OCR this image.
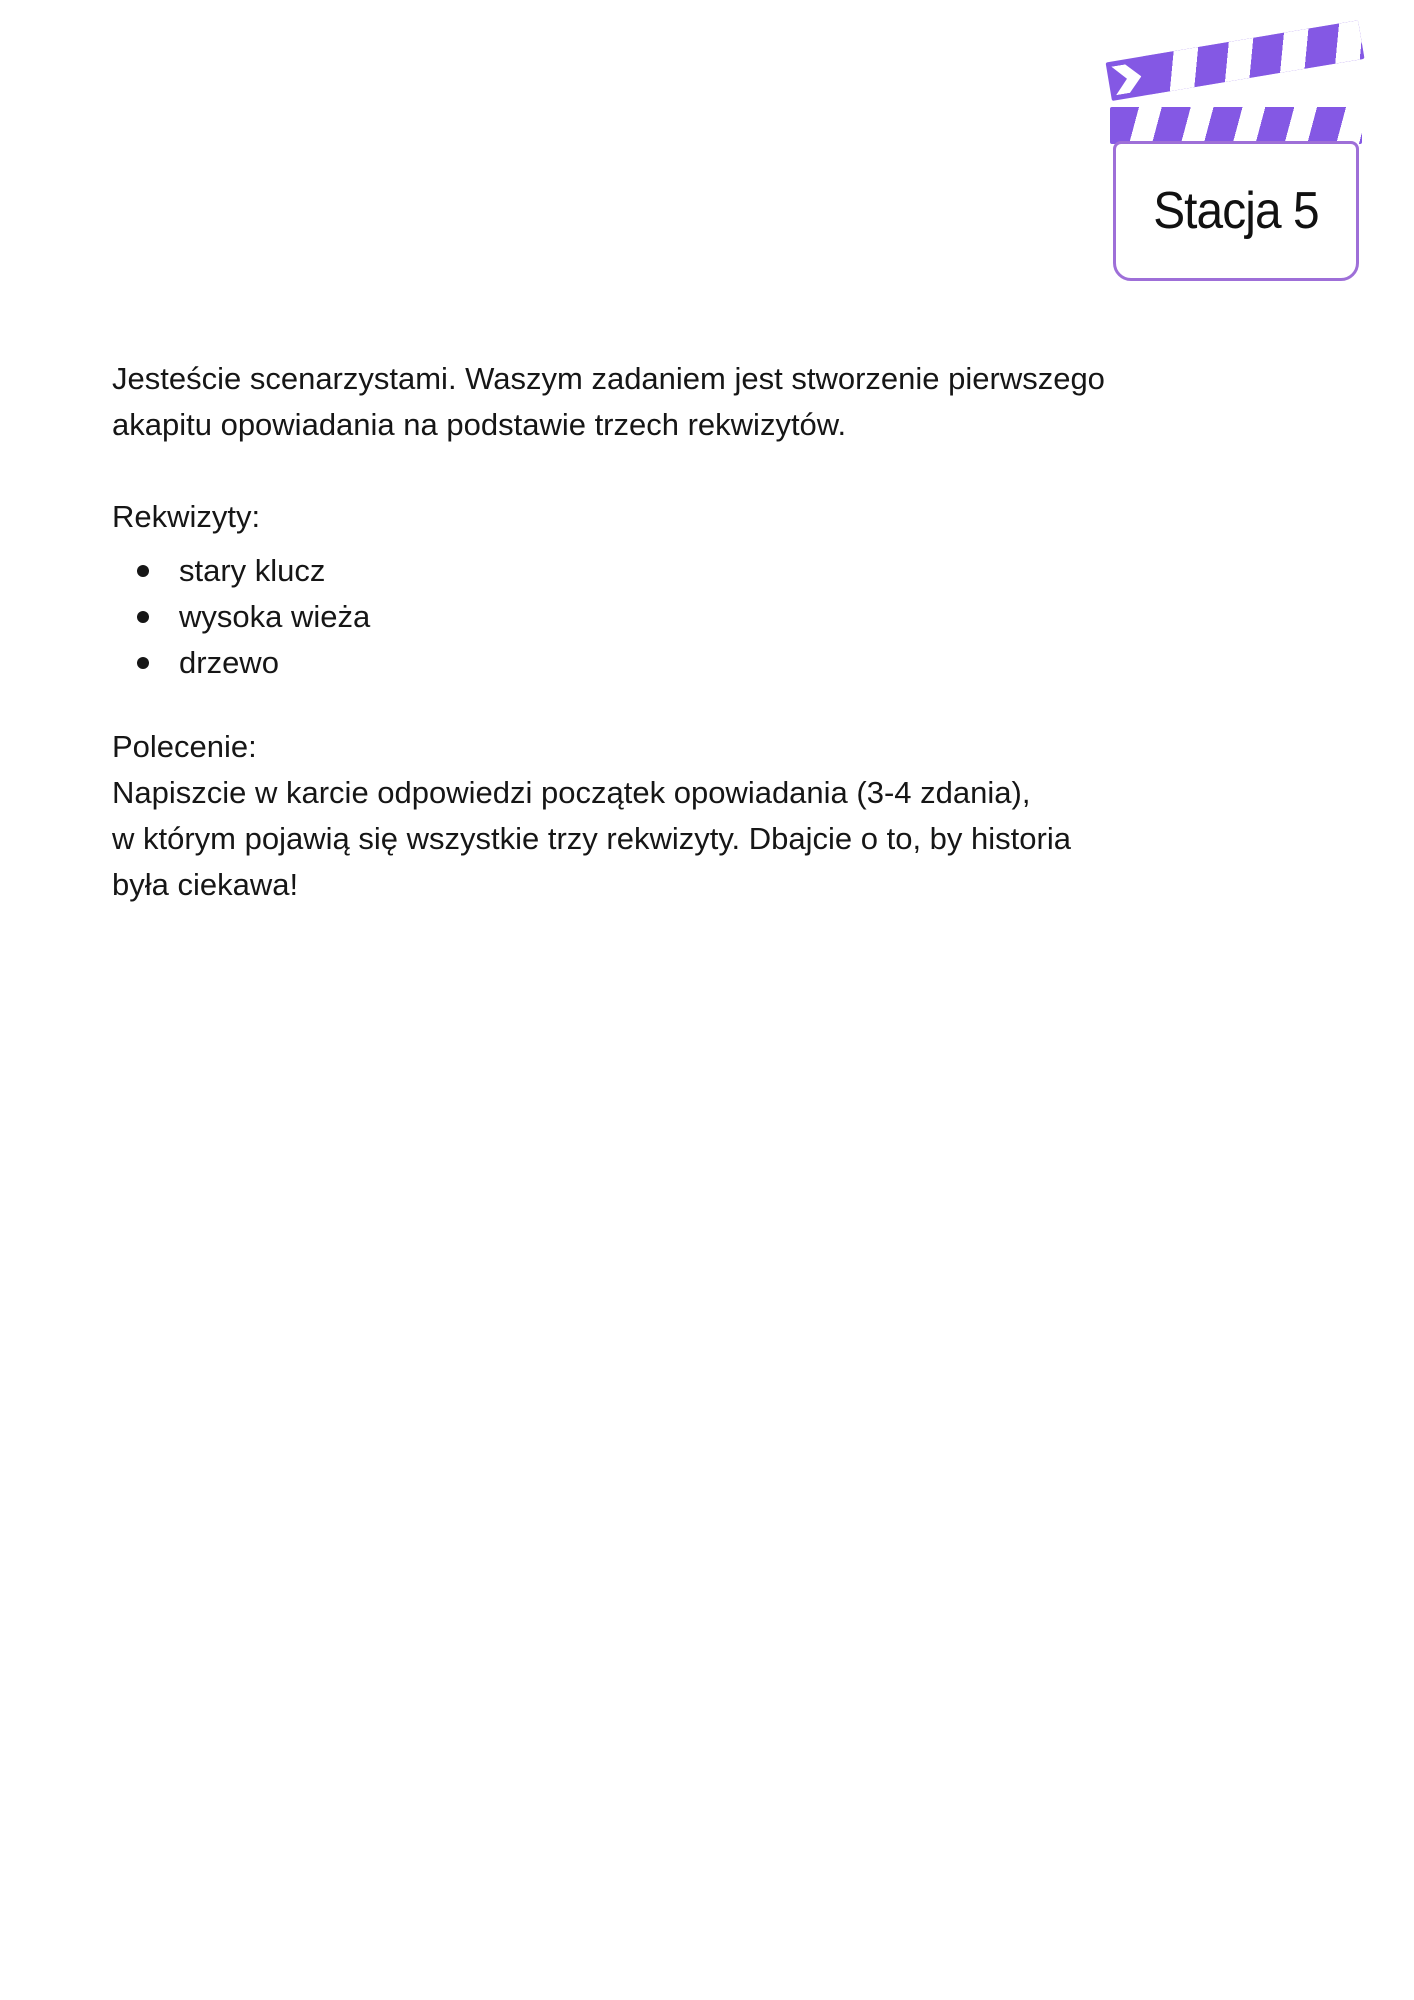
Stacja 5
Jesteście scenarzystami. Waszym zadaniem jest stworzenie pierwszego
akapitu opowiadania na podstawie trzech rekwizytów.
Rekwizyty:
stary klucz
wysoka wieża
drzewo
Polecenie:
Napiszcie w karcie odpowiedzi początek opowiadania (3-4 zdania),
w którym pojawią się wszystkie trzy rekwizyty. Dbajcie o to, by historia
była ciekawa!
